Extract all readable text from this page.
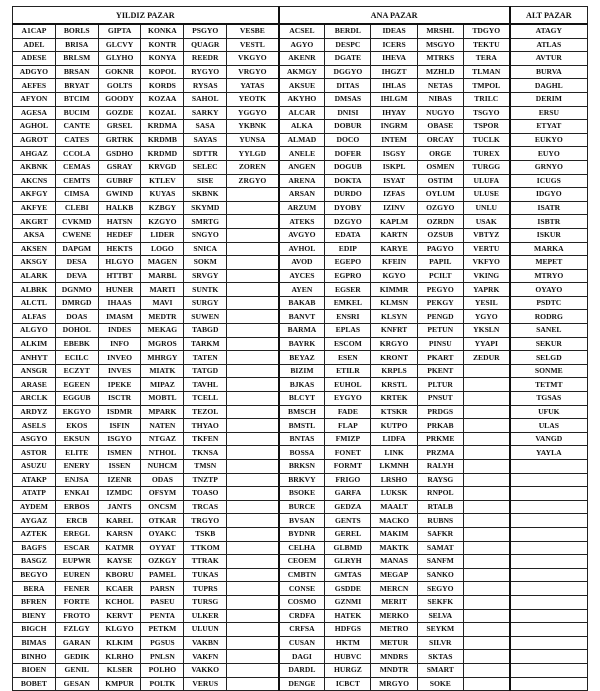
YILDIZ PAZAR						ANA PAZAR					ALT PAZAR
A1CAP	BORLS	GIPTA	KONKA	PSGYO	VESBE	ACSEL	BERDL	IDEAS	MRSHL	TDGYO	ATAGY
ADEL	BRISA	GLCVY	KONTR	QUAGR	VESTL	AGYO	DESPC	ICERS	MSGYO	TEKTU	ATLAS
ADESE	BRLSM	GLYHO	KONYA	REEDR	VKGYO	AKENR	DGATE	IHEVA	MTRKS	TERA	AVTUR
ADGYO	BRSAN	GOKNR	KOPOL	RYGYO	VRGYO	AKMGY	DGGYO	IHGZT	MZHLD	TLMAN	BURVA
AEFES	BRYAT	GOLTS	KORDS	RYSAS	YATAS	AKSUE	DITAS	IHLAS	NETAS	TMPOL	DAGHL
AFYON	BTCIM	GOODY	KOZAA	SAHOL	YEOTK	AKYHO	DMSAS	IHLGM	NIBAS	TRILC	DERIM
AGESA	BUCIM	GOZDE	KOZAL	SARKY	YGGYO	ALCAR	DNISI	IHYAY	NUGYO	TSGYO	ERSU
AGHOL	CANTE	GRSEL	KRDMA	SASA	YKBNK	ALKA	DOBUR	INGRM	OBASE	TSPOR	ETYAT
AGROT	CATES	GRTRK	KRDMB	SAYAS	YUNSA	ALMAD	DOCO	INTEM	ORCAY	TUCLK	EUKYO
AHGAZ	CCOLA	GSDHO	KRDMD	SDTTR	YYLGD	ANELE	DOFER	ISGSY	ORGE	TUREX	EUYO
AKBNK	CEMAS	GSRAY	KRVGD	SELEC	ZOREN	ANGEN	DOGUB	ISKPL	OSMEN	TURGG	GRNYO
AKCNS	CEMTS	GUBRF	KTLEV	SISE	ZRGYO	ARENA	DOKTA	ISYAT	OSTIM	ULUFA	ICUGS
AKFGY	CIMSA	GWIND	KUYAS	SKBNK		ARSAN	DURDO	IZFAS	OYLUM	ULUSE	IDGYO
AKFYE	CLEBI	HALKB	KZBGY	SKYMD		ARZUM	DYOBY	IZINV	OZGYO	UNLU	ISATR
AKGRT	CVKMD	HATSN	KZGYO	SMRTG		ATEKS	DZGYO	KAPLM	OZRDN	USAK	ISBTR
AKSA	CWENE	HEDEF	LIDER	SNGYO		AVGYO	EDATA	KARTN	OZSUB	VBTYZ	ISKUR
AKSEN	DAPGM	HEKTS	LOGO	SNICA		AVHOL	EDIP	KARYE	PAGYO	VERTU	MARKA
AKSGY	DESA	HLGYO	MAGEN	SOKM		AVOD	EGEPO	KFEIN	PAPIL	VKFYO	MEPET
ALARK	DEVA	HTTBT	MARBL	SRVGY		AYCES	EGPRO	KGYO	PCILT	VKING	MTRYO
ALBRK	DGNMO	HUNER	MARTI	SUNTK		AYEN	EGSER	KIMMR	PEGYO	YAPRK	OYAYO
ALCTL	DMRGD	IHAAS	MAVI	SURGY		BAKAB	EMKEL	KLMSN	PEKGY	YESIL	PSDTC
ALFAS	DOAS	IMASM	MEDTR	SUWEN		BANVT	ENSRI	KLSYN	PENGD	YGYO	RODRG
ALGYO	DOHOL	INDES	MEKAG	TABGD		BARMA	EPLAS	KNFRT	PETUN	YKSLN	SANEL
ALKIM	EBEBK	INFO	MGROS	TARKM		BAYRK	ESCOM	KRGYO	PINSU	YYAPI	SEKUR
ANHYT	ECILC	INVEO	MHRGY	TATEN		BEYAZ	ESEN	KRONT	PKART	ZEDUR	SELGD
ANSGR	ECZYT	INVES	MIATK	TATGD		BIZIM	ETILR	KRPLS	PKENT		SONME
ARASE	EGEEN	IPEKE	MIPAZ	TAVHL		BJKAS	EUHOL	KRSTL	PLTUR		TETMT
ARCLK	EGGUB	ISCTR	MOBTL	TCELL		BLCYT	EYGYO	KRTEK	PNSUT		TGSAS
ARDYZ	EKGYO	ISDMR	MPARK	TEZOL		BMSCH	FADE	KTSKR	PRDGS		UFUK
ASELS	EKOS	ISFIN	NATEN	THYAO		BMSTL	FLAP	KUTPO	PRKAB		ULAS
ASGYO	EKSUN	ISGYO	NTGAZ	TKFEN		BNTAS	FMIZP	LIDFA	PRKME		VANGD
ASTOR	ELITE	ISMEN	NTHOL	TKNSA		BOSSA	FONET	LINK	PRZMA		YAYLA
ASUZU	ENERY	ISSEN	NUHCM	TMSN		BRKSN	FORMT	LKMNH	RALYH		
ATAKP	ENJSA	IZENR	ODAS	TNZTP		BRKVY	FRIGO	LRSHO	RAYSG		
ATATP	ENKAI	IZMDC	OFSYM	TOASO		BSOKE	GARFA	LUKSK	RNPOL		
AYDEM	ERBOS	JANTS	ONCSM	TRCAS		BURCE	GEDZA	MAALT	RTALB		
AYGAZ	ERCB	KAREL	OTKAR	TRGYO		BVSAN	GENTS	MACKO	RUBNS		
AZTEK	EREGL	KARSN	OYAKC	TSKB		BYDNR	GEREL	MAKIM	SAFKR		
BAGFS	ESCAR	KATMR	OYYAT	TTKOM		CELHA	GLBMD	MAKTK	SAMAT		
BASGZ	EUPWR	KAYSE	OZKGY	TTRAK		CEOEM	GLRYH	MANAS	SANFM		
BEGYO	EUREN	KBORU	PAMEL	TUKAS		CMBTN	GMTAS	MEGAP	SANKO		
BERA	FENER	KCAER	PARSN	TUPRS		CONSE	GSDDE	MERCN	SEGYO		
BFREN	FORTE	KCHOL	PASEU	TURSG		COSMO	GZNMI	MERIT	SEKFK		
BIENY	FROTO	KERVT	PENTA	ULKER		CRDFA	HATEK	MERKO	SELVA		
BIGCH	FZLGY	KLGYO	PETKM	ULUUN		CRFSA	HDFGS	METRO	SEYKM		
BIMAS	GARAN	KLKIM	PGSUS	VAKBN		CUSAN	HKTM	METUR	SILVR		
BINHO	GEDIK	KLRHO	PNLSN	VAKFN		DAGI	HUBVC	MNDRS	SKTAS		
BIOEN	GENIL	KLSER	POLHO	VAKKO		DARDL	HURGZ	MNDTR	SMART		
BOBET	GESAN	KMPUR	POLTK	VERUS		DENGE	ICBCT	MRGYO	SOKE		
